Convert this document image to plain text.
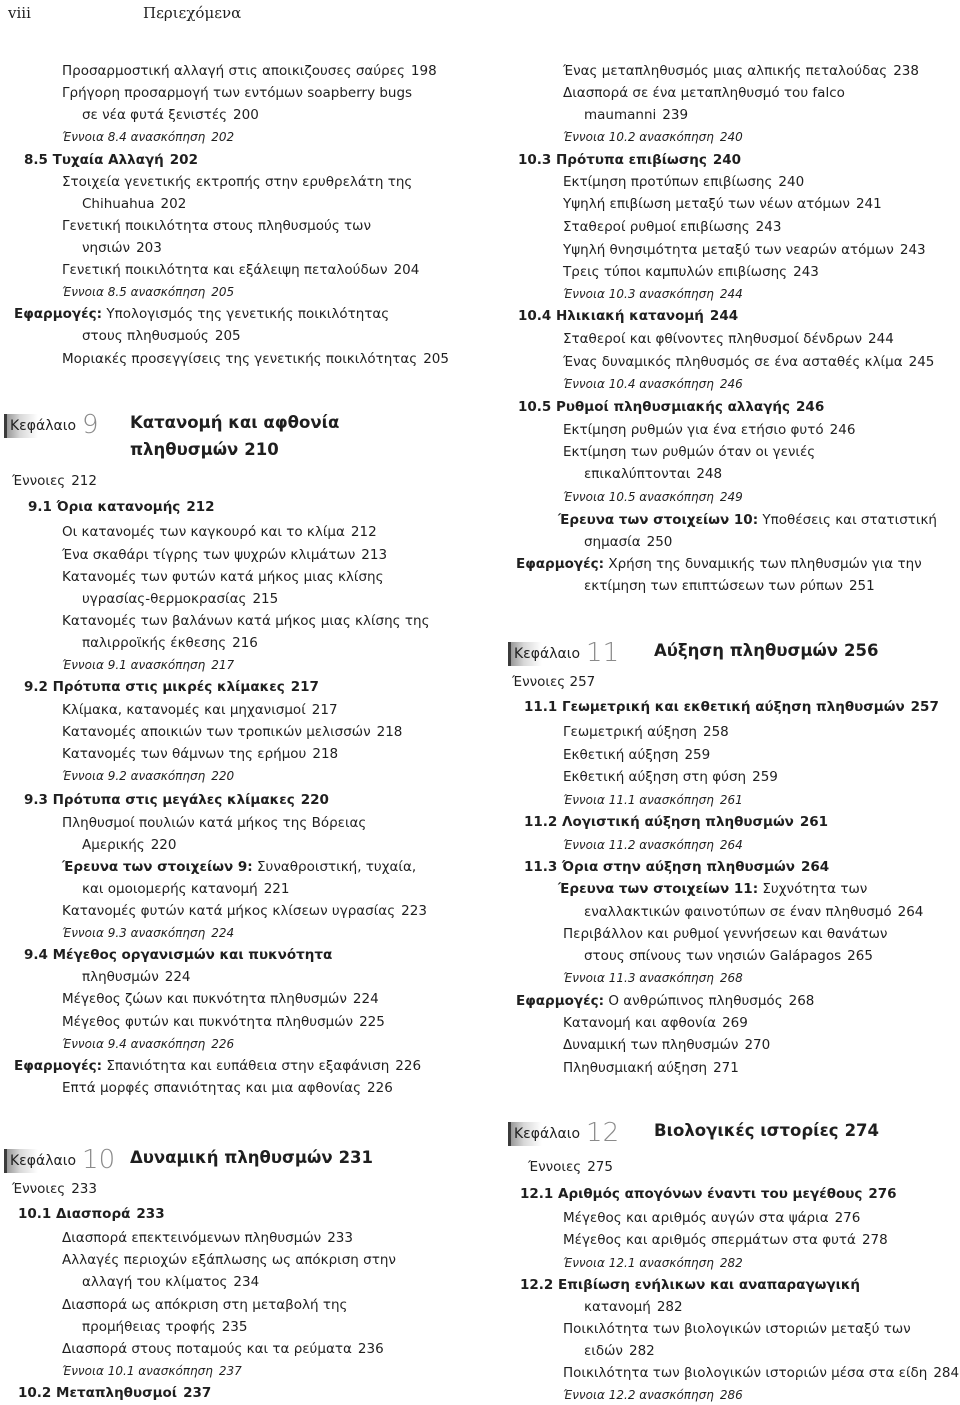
viii	Περιεχόμενα
Προσαρμοστική αλλαγή στις αποικιζουσες σαύρες 198
Γρήγορη προσαρμογή των εντόμων soapberry bugs
σε νέα φυτά ξενιστές 200
Έννοια 8.4 ανασκόπηση 202
8.5 Τυχαία Αλλαγή 202
Στοιχεία γενετικής εκτροπής στην ερυθρελάτη της
Chihuahua 202
Γενετική ποικιλότητα στους πληθυσμούς των
νησιών 203
Γενετική ποικιλότητα και εξάλειψη πεταλούδων 204
Έννοια 8.5 ανασκόπηση 205
Εφαρμογές: Υπολογισμός της γενετικής ποικιλότητας
στους πληθυσμούς 205
Μοριακές προσεγγίσεις της γενετικής ποικιλότητας 205
Έννοιες 212
9.1 Όρια κατανομής 212
Οι κατανομές των καγκουρό και το κλίμα 212
Ένα σκαθάρι τίγρης των ψυχρών κλιμάτων 213
Κατανομές των φυτών κατά μήκος μιας κλίσης
υγρασίας-θερμοκρασίας 215
Κατανομές των βαλάνων κατά μήκος μιας κλίσης της
παλιρροϊκής έκθεσης 216
Έννοια 9.1 ανασκόπηση 217
9.2 Πρότυπα στις μικρές κλίμακες 217
Κλίμακα, κατανομές και μηχανισμοί 217
Κατανομές αποικιών των τροπικών μελισσών 218
Κατανομές των θάμνων της ερήμου 218
Έννοια 9.2 ανασκόπηση 220
9.3 Πρότυπα στις μεγάλες κλίμακες 220
Πληθυσμοί πουλιών κατά μήκος της Βόρειας
Αμερικής 220
Έρευνα των στοιχείων 9: Συναθροιστική, τυχαία,
και ομοιομερής κατανομή 221
Κατανομές φυτών κατά μήκος κλίσεων υγρασίας 223
Έννοια 9.3 ανασκόπηση 224
9.4 Μέγεθος οργανισμών και πυκνότητα
πληθυσμών 224
Μέγεθος ζώων και πυκνότητα πληθυσμών 224
Μέγεθος φυτών και πυκνότητα πληθυσμών 225
Έννοια 9.4 ανασκόπηση 226
Εφαρμογές: Σπανιότητα και ευπάθεια στην εξαφάνιση 226
Επτά μορφές σπανιότητας και μια αφθονίας 226
Έννοιες 233
10.1 Διασπορά 233
Διασπορά επεκτεινόμενων πληθυσμών 233
Αλλαγές περιοχών εξάπλωσης ως απόκριση στην
αλλαγή του κλίματος 234
Διασπορά ως απόκριση στη μεταβολή της
προμήθειας τροφής 235
Διασπορά στους ποταμούς και τα ρεύματα 236
Έννοια 10.1 ανασκόπηση 237
10.2 Μεταπληθυσμοί 237
Κεφάλαιο 9 Κατανομή και αφθονία
πληθυσμών 210
Κεφάλαιο 10 Δυναμική πληθυσμών 231
Ένας μεταπληθυσμός μιας αλπικής πεταλούδας 238
Διασπορά σε ένα μεταπληθυσμό του falco
maumanni 239
Έννοια 10.2 ανασκόπηση 240
10.3 Πρότυπα επιβίωσης 240
Εκτίμηση προτύπων επιβίωσης 240
Υψηλή επιβίωση μεταξύ των νέων ατόμων 241
Σταθεροί ρυθμοί επιβίωσης 243
Υψηλή θνησιμότητα μεταξύ των νεαρών ατόμων 243
Τρεις τύποι καμπυλών επιβίωσης 243
Έννοια 10.3 ανασκόπηση 244
10.4 Ηλικιακή κατανομή 244
Σταθεροί και φθίνοντες πληθυσμοί δένδρων 244
Ένας δυναμικός πληθυσμός σε ένα ασταθές κλίμα 245
Έννοια 10.4 ανασκόπηση 246
10.5 Ρυθμοί πληθυσμιακής αλλαγής 246
Εκτίμηση ρυθμών για ένα ετήσιο φυτό 246
Εκτίμηση των ρυθμών όταν οι γενιές
επικαλύπτονται 248
Έννοια 10.5 ανασκόπηση 249
Έρευνα των στοιχείων 10: Υποθέσεις και στατιστική
σημασία 250
Εφαρμογές: Χρήση της δυναμικής των πληθυσμών για την
εκτίμηση των επιπτώσεων των ρύπων 251
Έννοιες 257
11.1 Γεωμετρική και εκθετική αύξηση πληθυσμών 257
Γεωμετρική αύξηση 258
Εκθετική αύξηση 259
Εκθετική αύξηση στη φύση 259
Έννοια 11.1 ανασκόπηση 261
11.2 Λογιστική αύξηση πληθυσμών 261
Έννοια 11.2 ανασκόπηση 264
11.3 Όρια στην αύξηση πληθυσμών 264
Έρευνα των στοιχείων 11: Συχνότητα των
εναλλακτικών φαινοτύπων σε έναν πληθυσμό 264
Περιβάλλον και ρυθμοί γεννήσεων και θανάτων
στους σπίνους των νησιών Galápagos 265
Έννοια 11.3 ανασκόπηση 268
Εφαρμογές: Ο ανθρώπινος πληθυσμός 268
Κατανομή και αφθονία 269
Δυναμική των πληθυσμών 270
Πληθυσμιακή αύξηση 271
Έννοιες 275
12.1 Αριθμός απογόνων έναντι του μεγέθους 276
Μέγεθος και αριθμός αυγών στα ψάρια 276
Μέγεθος και αριθμός σπερμάτων στα φυτά 278
Έννοια 12.1 ανασκόπηση 282
12.2 Επιβίωση ενήλικων και αναπαραγωγική
κατανομή 282
Ποικιλότητα των βιολογικών ιστοριών μεταξύ των
ειδών 282
Ποικιλότητα των βιολογικών ιστοριών μέσα στα είδη 284
Έννοια 12.2 ανασκόπηση 286
Κεφάλαιο 11 Αύξηση πληθυσμών 256
Κεφάλαιο 12 Βιολογικές ιστορίες 274
